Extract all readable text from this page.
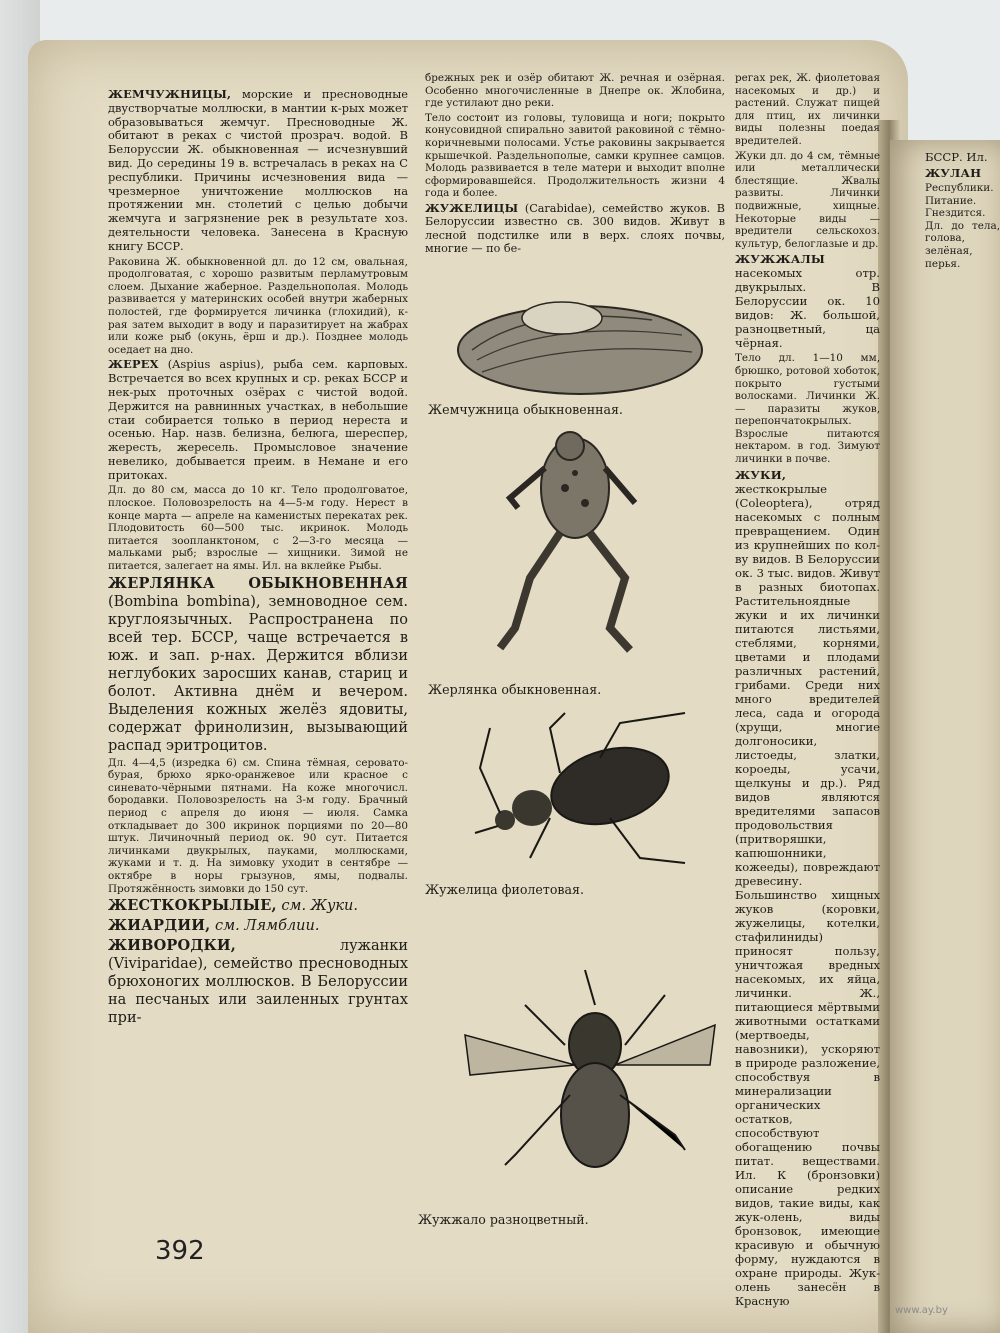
ЖЕМЧУЖНИЦЫ, морские и пресноводные двустворчатые моллюски, в мантии к-рых может образовываться жемчуг. Пресноводные Ж. обитают в реках с чистой прозрач. водой. В Белоруссии Ж. обыкновенная — исчезнувший вид. До середины 19 в. встречалась в реках на С республики. Причины исчезновения вида — чрезмерное уничтожение моллюсков на протяжении мн. столетий с целью добычи жемчуга и загрязнение рек в результате хоз. деятельности человека. Занесена в Красную книгу БССР.

Раковина Ж. обыкновенной дл. до 12 см, овальная, продолговатая, с хорошо развитым перламутровым слоем. Дыхание жаберное. Раздельнополая. Молодь развивается у материнских особей внутри жаберных полостей, где формируется личинка (глохидий), к-рая затем выходит в воду и паразитирует на жабрах или коже рыб (окунь, ёрш и др.). Позднее молодь оседает на дно.

ЖЕРЕХ (Aspius aspius), рыба сем. карповых. Встречается во всех крупных и ср. реках БССР и нек-рых проточных озёрах с чистой водой. Держится на равнинных участках, в небольшие стаи собирается только в период нереста и осенью. Нар. назв. белизна, белюга, шереспер, жересть, жересель. Промысловое значение невелико, добывается преим. в Немане и его притоках.

Дл. до 80 см, масса до 10 кг. Тело продолговатое, плоское. Половозрелость на 4—5-м году. Нерест в конце марта — апреле на каменистых перекатах рек. Плодовитость 60—500 тыс. икринок. Молодь питается зоопланктоном, с 2—3-го месяца — мальками рыб; взрослые — хищники. Зимой не питается, залегает на ямы. Ил. на вклейке Рыбы.

ЖЕРЛЯНКА ОБЫКНОВЕННАЯ (Bombina bombina), земноводное сем. круглоязычных. Распространена по всей тер. БССР, чаще встречается в юж. и зап. р-нах. Держится вблизи неглубоких заросших канав, стариц и болот. Активна днём и вечером. Выделения кожных желёз ядовиты, содержат фринолизин, вызывающий распад эритроцитов.

Дл. 4—4,5 (изредка 6) см. Спина тёмная, серовато-бурая, брюхо ярко-оранжевое или красное с синевато-чёрными пятнами. На коже многочисл. бородавки. Половозрелость на 3-м году. Брачный период с апреля до июня — июля. Самка откладывает до 300 икринок порциями по 20—80 штук. Личиночный период ок. 90 сут. Питается личинками двукрылых, пауками, моллюсками, жуками и т. д. На зимовку уходит в сентябре — октябре в норы грызунов, ямы, подвалы. Протяжённость зимовки до 150 сут.

ЖЕСТКОКРЫЛЫЕ, см. Жуки.

ЖИАРДИИ, см. Лямблии.

ЖИВОРОДКИ,	лужанки (Viviparidae), семейство пресноводных брюхоногих моллюсков. В Белоруссии на песчаных или заиленных грунтах при-

брежных рек и озёр обитают Ж. речная и озёрная. Особенно многочисленные в Днепре ок. Жлобина, где устилают дно реки.

Тело состоит из головы, туловища и ноги; покрыто конусовидной спирально завитой раковиной с тёмно-коричневыми полосами. Устье раковины закрывается крышечкой. Раздельнополые, самки крупнее самцов. Молодь развивается в теле матери и выходит вполне сформировавшейся. Продолжительность жизни 4 года и более.

ЖУЖЕЛИЦЫ (Carabidae), семейство жуков. В Белоруссии известно св. 300 видов. Живут в лесной подстилке или в верх. слоях почвы, многие — по бе-

Жемчужница обыкновенная.
Жерлянка обыкновенная.
Жужелица фиолетовая.
Жужжало разноцветный.

регах рек, Ж. фиолетовая насекомых и др.) и растений. Служат пищей для птиц, их личинки виды полезны поедая вредителей.

Жуки дл. до 4 см, тёмные или металлически блестящие. Жвалы развиты. Личинки подвижные, хищные. Некоторые виды — вредители сельскохоз. культур, белоглазые и др.

ЖУЖЖАЛЫ насекомых отр. двукрылых. В Белоруссии ок. 10 видов: Ж. большой, разноцветный, ца чёрная.

Тело дл. 1—10 мм, брюшко, ротовой хоботок, покрыто густыми волосками. Личинки Ж. — паразиты жуков, перепончатокрылых. Взрослые питаются нектаром. в год. Зимуют личинки в почве.

ЖУКИ, жесткокрылые (Coleoptera), отряд насекомых с полным превращением. Один из крупнейших по кол-ву видов. В Белоруссии ок. 3 тыс. видов. Живут в разных биотопах. Растительноядные жуки и их личинки питаются листьями, стеблями, корнями, цветами и плодами различных растений, грибами. Среди них много вредителей леса, сада и огорода (хрущи, многие долгоносики, листоеды, златки, короеды, усачи, щелкуны и др.). Ряд видов являются вредителями запасов продовольствия (притворяшки, капюшонники, кожееды), повреждают древесину. Большинство хищных жуков (коровки, жужелицы, котелки, стафилиниды) приносят пользу, уничтожая вредных насекомых, их яйца, личинки. Ж., питающиеся мёртвыми животными остатками (мертвоеды, навозники), ускоряют в природе разложение, способствуя в минерализации органических остатков, способствуют обогащению почвы питат. веществами. Ил. К (бронзовки) описание редких видов, такие виды, как жук-олень, виды бронзовок, имеющие красивую и обычную форму, нуждаются в охране природы. Жук-олень занесён в Красную

БССР. Ил.

ЖУЛАН

Республики. Питание. Гнездится. Дл. до тела, голова, зелёная, перья.

392
www.ay.by
